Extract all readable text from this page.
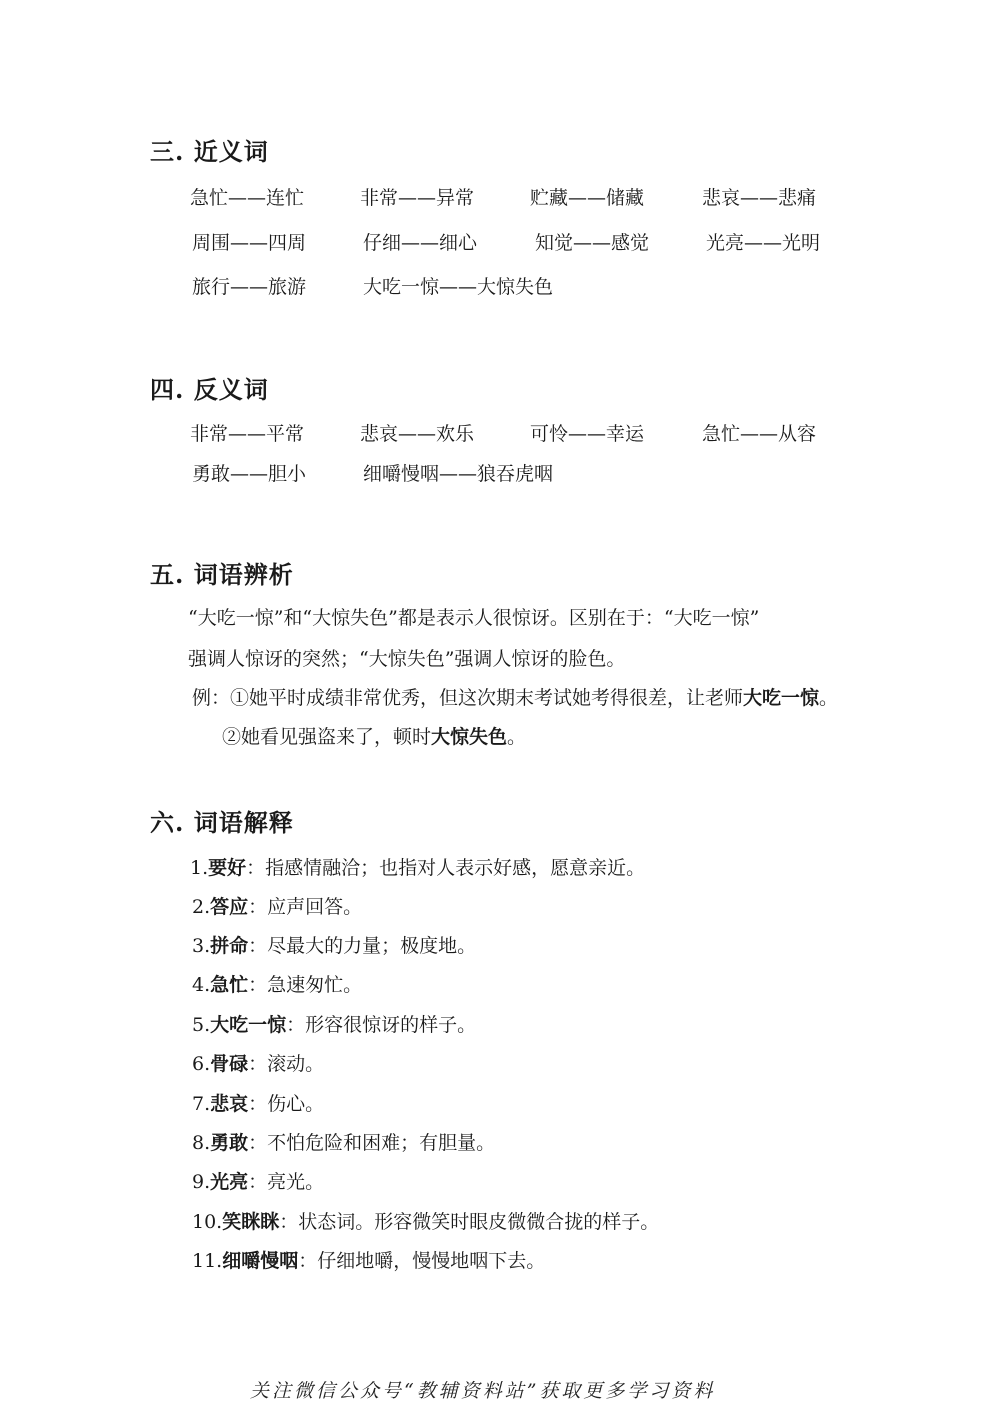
三. 近义词
急忙——连忙	非常——异常	贮藏——储藏	悲哀——悲痛
周围——四周	仔细——细心	知觉——感觉	光亮——光明
旅行——旅游	大吃一惊——大惊失色
四. 反义词
非常——平常	悲哀——欢乐	可怜——幸运	急忙——从容
勇敢——胆小	细嚼慢咽——狼吞虎咽
五. 词语辨析
“大吃一惊”和“大惊失色”都是表示人很惊讶。区别在于：“大吃一惊”
强调人惊讶的突然；“大惊失色”强调人惊讶的脸色。
例：①她平时成绩非常优秀，但这次期末考试她考得很差，让老师大吃一惊。
②她看见强盗来了，顿时大惊失色。
六. 词语解释
1.要好：指感情融洽；也指对人表示好感，愿意亲近。
2.答应：应声回答。
3.拼命：尽最大的力量；极度地。
4.急忙：急速匆忙。
5.大吃一惊：形容很惊讶的样子。
6.骨碌：滚动。
7.悲哀：伤心。
8.勇敢：不怕危险和困难；有胆量。
9.光亮：亮光。
10.笑眯眯：状态词。形容微笑时眼皮微微合拢的样子。
11.细嚼慢咽：仔细地嚼，慢慢地咽下去。
关注微信公众号“教辅资料站”获取更多学习资料
